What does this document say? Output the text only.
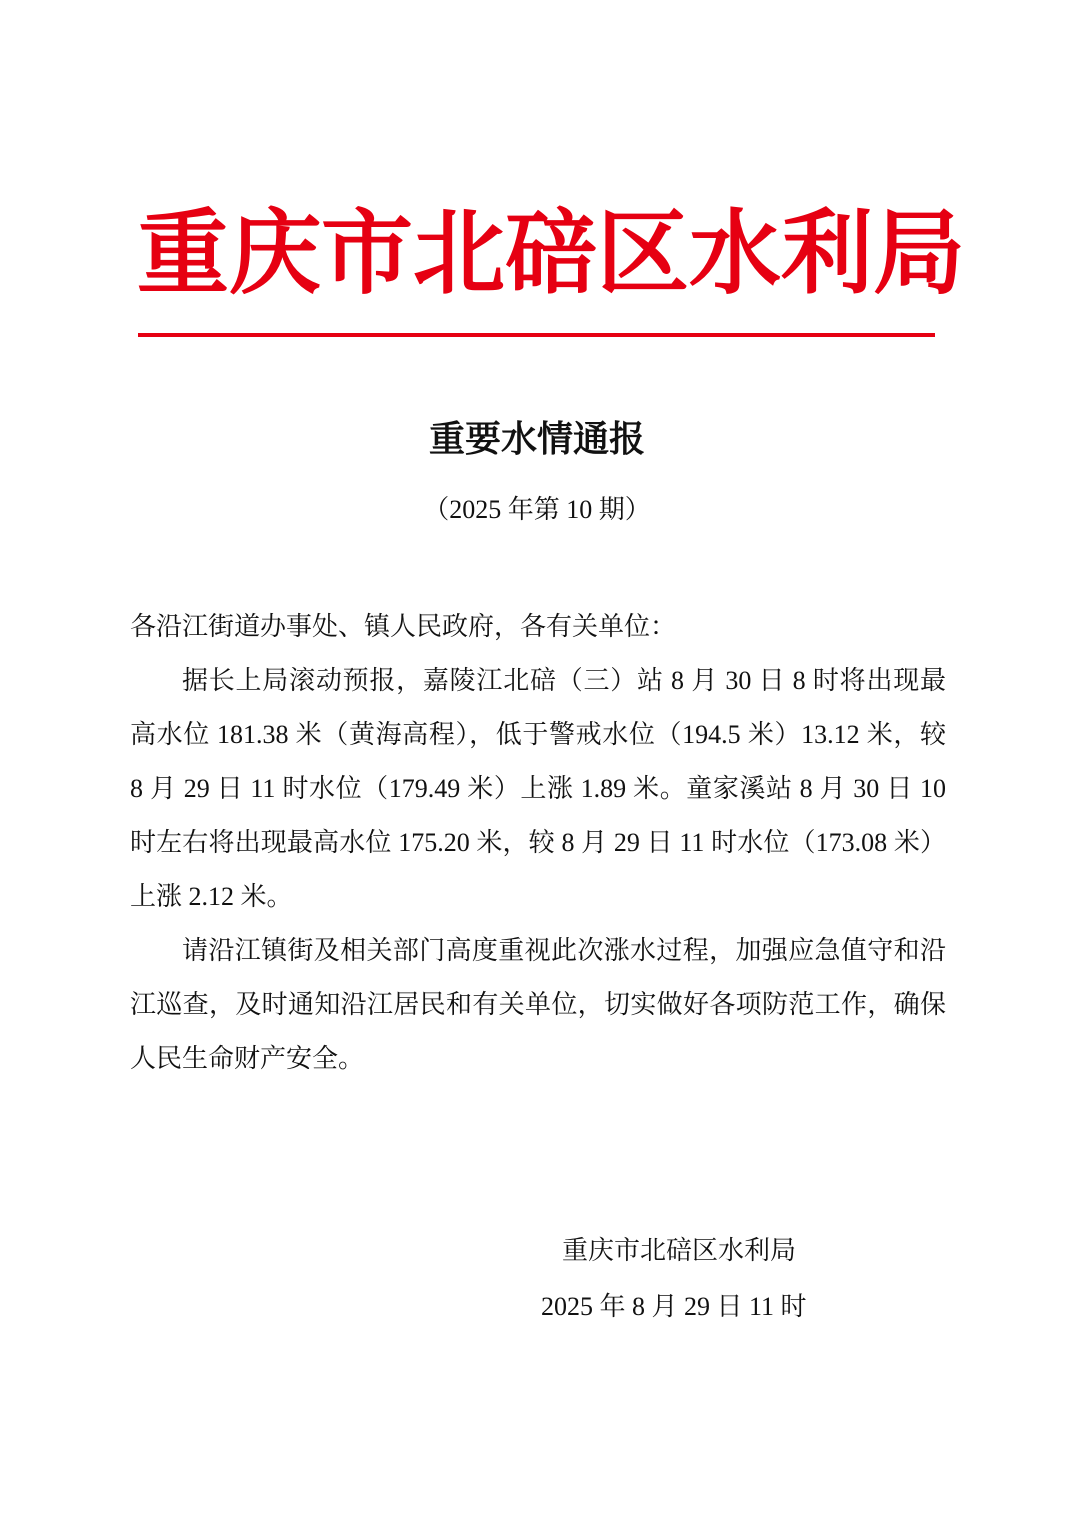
重庆市北碚区水利局
重要水情通报
（2025 年第 10 期）

各沿江街道办事处、镇人民政府，各有关单位：

据长上局滚动预报，嘉陵江北碚（三）站 8 月 30 日 8 时将出现最高水位 181.38 米（黄海高程），低于警戒水位（194.5 米）13.12 米，较 8 月 29 日 11 时水位（179.49 米）上涨 1.89 米。童家溪站 8 月 30 日 10 时左右将出现最高水位 175.20 米，较 8 月 29 日 11 时水位（173.08 米）上涨 2.12 米。

请沿江镇街及相关部门高度重视此次涨水过程，加强应急值守和沿江巡查，及时通知沿江居民和有关单位，切实做好各项防范工作，确保人民生命财产安全。

重庆市北碚区水利局
2025 年 8 月 29 日 11 时
